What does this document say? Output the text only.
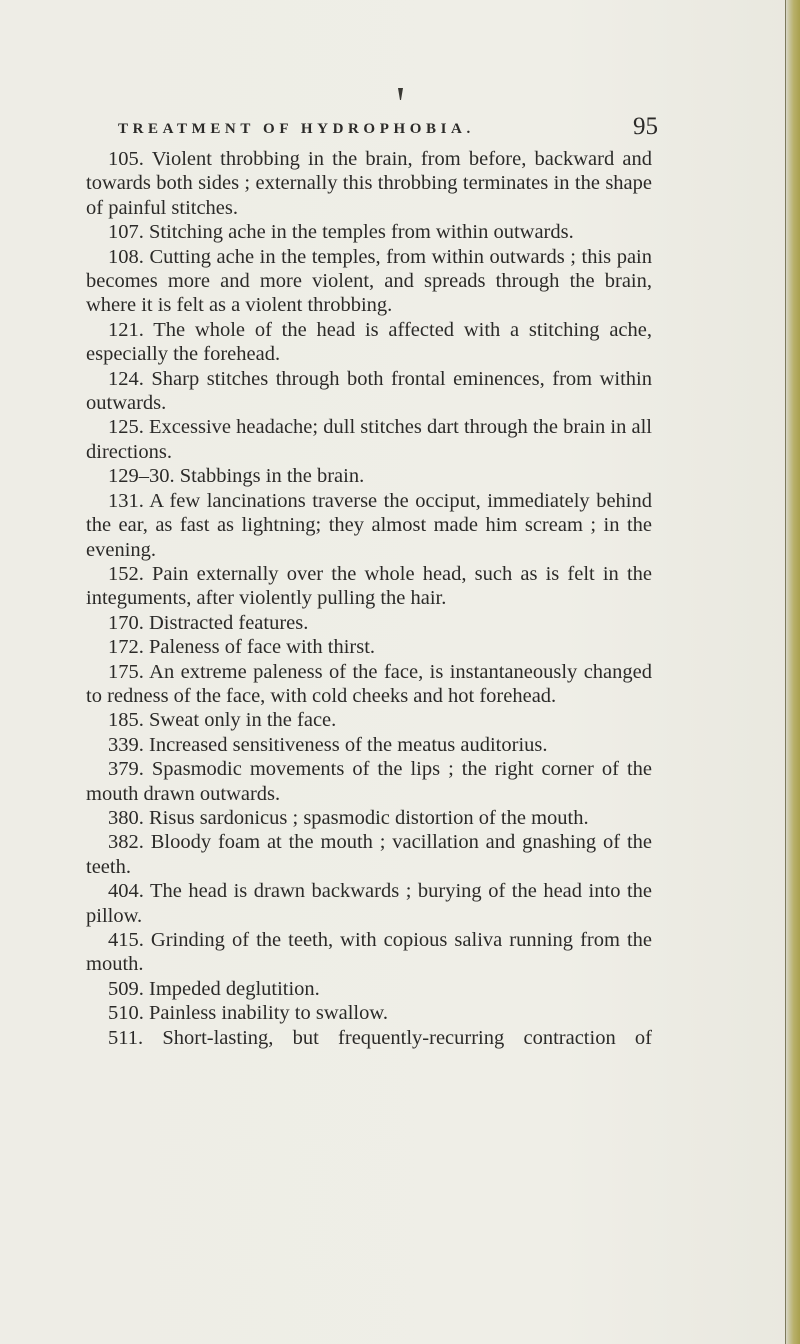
TREATMENT OF HYDROPHOBIA.	95

105. Violent throbbing in the brain, from before, backward and towards both sides ; externally this throbbing terminates in the shape of painful stitches.

107. Stitching ache in the temples from within outwards.

108. Cutting ache in the temples, from within outwards ; this pain becomes more and more violent, and spreads through the brain, where it is felt as a violent throbbing.

121. The whole of the head is affected with a stitching ache, especially the forehead.

124. Sharp stitches through both frontal eminences, from within outwards.

125. Excessive headache; dull stitches dart through the brain in all directions.

129–30. Stabbings in the brain.

131. A few lancinations traverse the occiput, immediately behind the ear, as fast as lightning; they almost made him scream ; in the evening.

152. Pain externally over the whole head, such as is felt in the integuments, after violently pulling the hair.

170. Distracted features.

172. Paleness of face with thirst.

175. An extreme paleness of the face, is instantaneously changed to redness of the face, with cold cheeks and hot forehead.

185. Sweat only in the face.

339. Increased sensitiveness of the meatus auditorius.

379. Spasmodic movements of the lips ; the right corner of the mouth drawn outwards.

380. Risus sardonicus ; spasmodic distortion of the mouth.

382. Bloody foam at the mouth ; vacillation and gnashing of the teeth.

404. The head is drawn backwards ; burying of the head into the pillow.

415. Grinding of the teeth, with copious saliva running from the mouth.

509. Impeded deglutition.

510. Painless inability to swallow.

511. Short-lasting, but frequently-recurring contraction of
